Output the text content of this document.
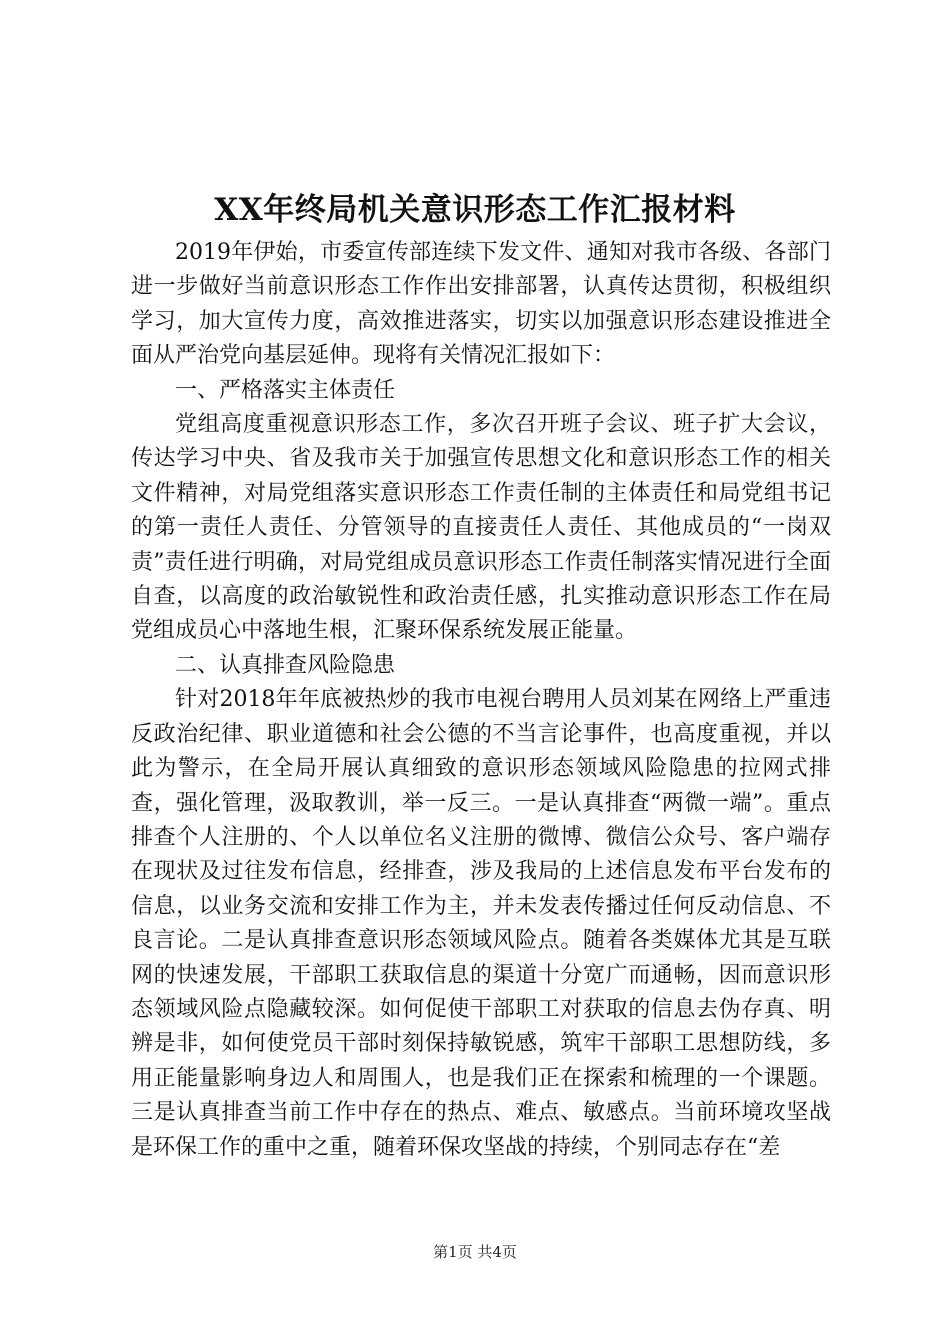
XX年终局机关意识形态工作汇报材料

2019年伊始，市委宣传部连续下发文件、通知对我市各级、各部门进一步做好当前意识形态工作作出安排部署，认真传达贯彻，积极组织学习，加大宣传力度，高效推进落实，切实以加强意识形态建设推进全面从严治党向基层延伸。现将有关情况汇报如下：

一、严格落实主体责任

党组高度重视意识形态工作，多次召开班子会议、班子扩大会议，传达学习中央、省及我市关于加强宣传思想文化和意识形态工作的相关文件精神，对局党组落实意识形态工作责任制的主体责任和局党组书记的第一责任人责任、分管领导的直接责任人责任、其他成员的“一岗双责”责任进行明确，对局党组成员意识形态工作责任制落实情况进行全面自查，以高度的政治敏锐性和政治责任感，扎实推动意识形态工作在局党组成员心中落地生根，汇聚环保系统发展正能量。

二、认真排查风险隐患

针对2018年年底被热炒的我市电视台聘用人员刘某在网络上严重违反政治纪律、职业道德和社会公德的不当言论事件，也高度重视，并以此为警示，在全局开展认真细致的意识形态领域风险隐患的拉网式排查，强化管理，汲取教训，举一反三。一是认真排查“两微一端”。重点排查个人注册的、个人以单位名义注册的微博、微信公众号、客户端存在现状及过往发布信息，经排查，涉及我局的上述信息发布平台发布的信息，以业务交流和安排工作为主，并未发表传播过任何反动信息、不良言论。二是认真排查意识形态领域风险点。随着各类媒体尤其是互联网的快速发展，干部职工获取信息的渠道十分宽广而通畅，因而意识形态领域风险点隐藏较深。如何促使干部职工对获取的信息去伪存真、明辨是非，如何使党员干部时刻保持敏锐感，筑牢干部职工思想防线，多用正能量影响身边人和周围人，也是我们正在探索和梳理的一个课题。三是认真排查当前工作中存在的热点、难点、敏感点。当前环境攻坚战是环保工作的重中之重，随着环保攻坚战的持续，个别同志存在“差

第1页 共4页
